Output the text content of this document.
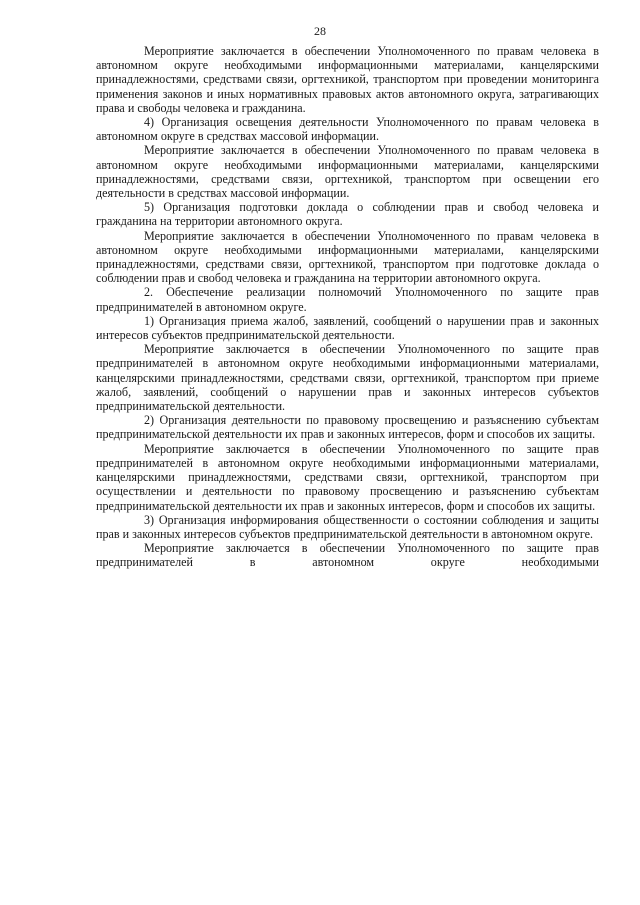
28

Мероприятие заключается в обеспечении Уполномоченного по правам человека в автономном округе необходимыми информационными материалами, канцелярскими принадлежностями, средствами связи, оргтехникой, транспортом при проведении мониторинга применения законов и иных нормативных правовых актов автономного округа, затрагивающих права и свободы человека и гражданина.

4) Организация освещения деятельности Уполномоченного по правам человека в автономном округе в средствах массовой информации.

Мероприятие заключается в обеспечении Уполномоченного по правам человека в автономном округе необходимыми информационными материалами, канцелярскими принадлежностями, средствами связи, оргтехникой, транспортом при освещении его деятельности в средствах массовой информации.

5) Организация подготовки доклада о соблюдении прав и свобод человека и гражданина на территории автономного округа.

Мероприятие заключается в обеспечении Уполномоченного по правам человека в автономном округе необходимыми информационными материалами, канцелярскими принадлежностями, средствами связи, оргтехникой, транспортом при подготовке доклада о соблюдении прав и свобод человека и гражданина на территории автономного округа.

2. Обеспечение реализации полномочий Уполномоченного по защите прав предпринимателей в автономном округе.

1) Организация приема жалоб, заявлений, сообщений о нарушении прав и законных интересов субъектов предпринимательской деятельности.

Мероприятие заключается в обеспечении Уполномоченного по защите прав предпринимателей в автономном округе необходимыми информационными материалами, канцелярскими принадлежностями, средствами связи, оргтехникой, транспортом при приеме жалоб, заявлений, сообщений о нарушении прав и законных интересов субъектов предпринимательской деятельности.

2) Организация деятельности по правовому просвещению и разъяснению субъектам предпринимательской деятельности их прав и законных интересов, форм и способов их защиты.

Мероприятие заключается в обеспечении Уполномоченного по защите прав предпринимателей в автономном округе необходимыми информационными материалами, канцелярскими принадлежностями, средствами связи, оргтехникой, транспортом при осуществлении и деятельности по правовому просвещению и разъяснению субъектам предпринимательской деятельности их прав и законных интересов, форм и способов их защиты.

3) Организация информирования общественности о состоянии соблюдения и защиты прав и законных интересов субъектов предпринимательской деятельности в автономном округе.

Мероприятие заключается в обеспечении Уполномоченного по защите прав предпринимателей в автономном округе необходимыми
